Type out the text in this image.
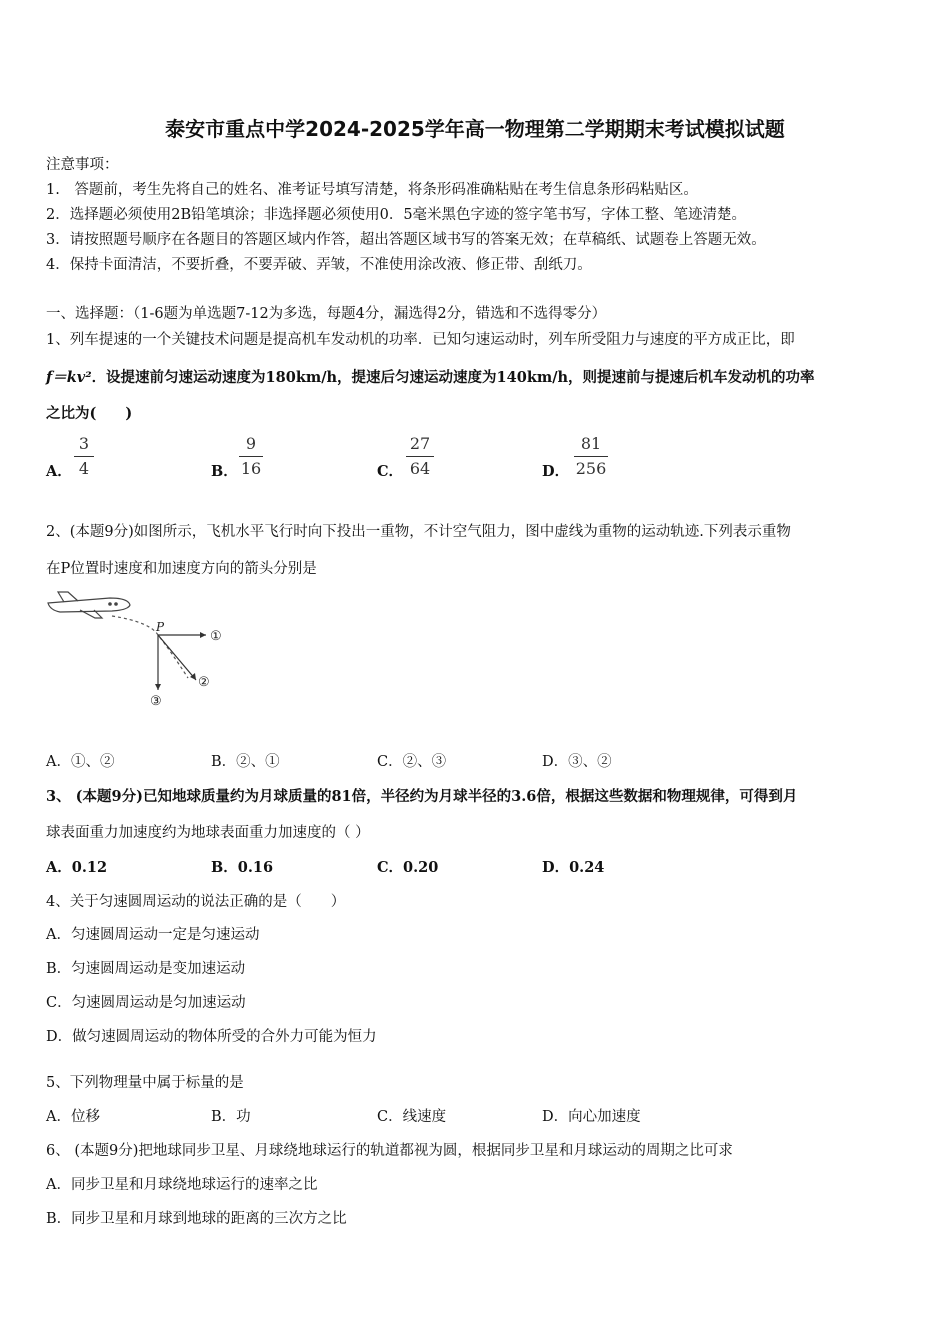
泰安市重点中学2024-2025学年高一物理第二学期期末考试模拟试题
注意事项：
1.　答题前，考生先将自己的姓名、准考证号填写清楚，将条形码准确粘贴在考生信息条形码粘贴区。
2．选择题必须使用2B铅笔填涂；非选择题必须使用0．5毫米黑色字迹的签字笔书写，字体工整、笔迹清楚。
3．请按照题号顺序在各题目的答题区域内作答，超出答题区域书写的答案无效；在草稿纸、试题卷上答题无效。
4．保持卡面清洁，不要折叠，不要弄破、弄皱，不准使用涂改液、修正带、刮纸刀。
一、选择题：（1-6题为单选题7-12为多选，每题4分，漏选得2分，错选和不选得零分）
1、列车提速的一个关键技术问题是提高机车发动机的功率．已知匀速运动时，列车所受阻力与速度的平方成正比，即
f＝kv²．设提速前匀速运动速度为180km/h，提速后匀速运动速度为140km/h，则提速前与提速后机车发动机的功率
之比为(　　)
A．
3
4	B．
9
16	C．
27
64	D．
81
256
2、(本题9分)如图所示，飞机水平飞行时向下投出一重物，不计空气阻力，图中虚线为重物的运动轨迹.下列表示重物
在P位置时速度和加速度方向的箭头分别是
P
①
②
③
A．①、②	B．②、①	C．②、③	D．③、②
3、 (本题9分)已知地球质量约为月球质量的81倍，半径约为月球半径的3.6倍，根据这些数据和物理规律，可得到月
球表面重力加速度约为地球表面重力加速度的（ ）
A．0.12	B．0.16	C．0.20	D．0.24
4、关于匀速圆周运动的说法正确的是（　　）
A．匀速圆周运动一定是匀速运动
B．匀速圆周运动是变加速运动
C．匀速圆周运动是匀加速运动
D．做匀速圆周运动的物体所受的合外力可能为恒力
5、下列物理量中属于标量的是
A．位移	B．功	C．线速度	D．向心加速度
6、 (本题9分)把地球同步卫星、月球绕地球运行的轨道都视为圆，根据同步卫星和月球运动的周期之比可求
A．同步卫星和月球绕地球运行的速率之比
B．同步卫星和月球到地球的距离的三次方之比
